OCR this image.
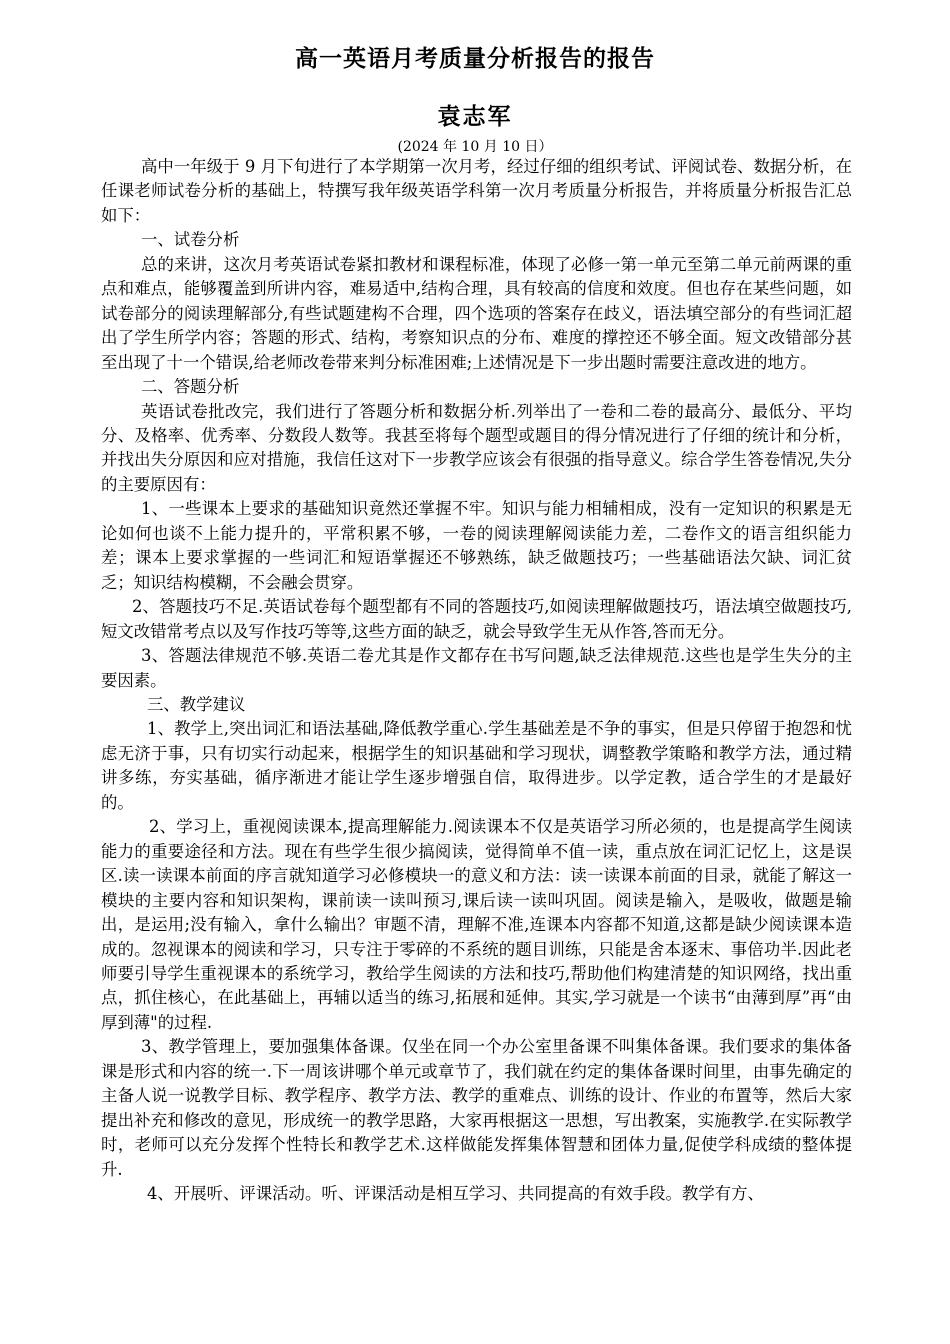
高一英语月考质量分析报告的报告
袁志军
(2024 年 10 月 10 日）

高中一年级于 9 月下旬进行了本学期第一次月考，经过仔细的组织考试、评阅试卷、数据分析，在任课老师试卷分析的基础上，特撰写我年级英语学科第一次月考质量分析报告，并将质量分析报告汇总如下：

一、试卷分析

总的来讲，这次月考英语试卷紧扣教材和课程标准，体现了必修一第一单元至第二单元前两课的重点和难点，能够覆盖到所讲内容，难易适中,结构合理，具有较高的信度和效度。但也存在某些问题，如试卷部分的阅读理解部分,有些试题建构不合理，四个选项的答案存在歧义，语法填空部分的有些词汇超出了学生所学内容；答题的形式、结构，考察知识点的分布、难度的撑控还不够全面。短文改错部分甚至出现了十一个错误,给老师改卷带来判分标准困难;上述情况是下一步出题时需要注意改进的地方。

二、答题分析

英语试卷批改完，我们进行了答题分析和数据分析.列举出了一卷和二卷的最高分、最低分、平均分、及格率、优秀率、分数段人数等。我甚至将每个题型或题目的得分情况进行了仔细的统计和分析，并找出失分原因和应对措施，我信任这对下一步教学应该会有很强的指导意义。综合学生答卷情况,失分的主要原因有：

1、一些课本上要求的基础知识竟然还掌握不牢。知识与能力相辅相成，没有一定知识的积累是无论如何也谈不上能力提升的，平常积累不够，一卷的阅读理解阅读能力差，二卷作文的语言组织能力差；课本上要求掌握的一些词汇和短语掌握还不够熟练，缺乏做题技巧；一些基础语法欠缺、词汇贫乏；知识结构模糊，不会融会贯穿。

2、答题技巧不足.英语试卷每个题型都有不同的答题技巧,如阅读理解做题技巧，语法填空做题技巧,短文改错常考点以及写作技巧等等,这些方面的缺乏，就会导致学生无从作答,答而无分。

3、答题法律规范不够.英语二卷尤其是作文都存在书写问题,缺乏法律规范.这些也是学生失分的主要因素。

三、教学建议

1、教学上,突出词汇和语法基础,降低教学重心.学生基础差是不争的事实，但是只停留于抱怨和忧虑无济于事，只有切实行动起来，根据学生的知识基础和学习现状，调整教学策略和教学方法，通过精讲多练，夯实基础，循序渐进才能让学生逐步增强自信，取得进步。以学定教，适合学生的才是最好的。

2、学习上，重视阅读课本,提高理解能力.阅读课本不仅是英语学习所必须的，也是提高学生阅读能力的重要途径和方法。现在有些学生很少搞阅读，觉得简单不值一读，重点放在词汇记忆上，这是误区.读一读课本前面的序言就知道学习必修模块一的意义和方法：读一读课本前面的目录，就能了解这一模块的主要内容和知识架构，课前读一读叫预习,课后读一读叫巩固。阅读是输入，是吸收，做题是输出，是运用;没有输入，拿什么输出？审题不清，理解不准,连课本内容都不知道,这都是缺少阅读课本造成的。忽视课本的阅读和学习，只专注于零碎的不系统的题目训练，只能是舍本逐末、事倍功半.因此老师要引导学生重视课本的系统学习，教给学生阅读的方法和技巧,帮助他们构建清楚的知识网络，找出重点，抓住核心，在此基础上，再辅以适当的练习,拓展和延伸。其实,学习就是一个读书“由薄到厚”再“由厚到薄"的过程.

3、教学管理上，要加强集体备课。仅坐在同一个办公室里备课不叫集体备课。我们要求的集体备课是形式和内容的统一.下一周该讲哪个单元或章节了，我们就在约定的集体备课时间里，由事先确定的主备人说一说教学目标、教学程序、教学方法、教学的重难点、训练的设计、作业的布置等，然后大家提出补充和修改的意见，形成统一的教学思路，大家再根据这一思想，写出教案，实施教学.在实际教学时，老师可以充分发挥个性特长和教学艺术.这样做能发挥集体智慧和团体力量,促使学科成绩的整体提升.

4、开展听、评课活动。听、评课活动是相互学习、共同提高的有效手段。教学有方、
